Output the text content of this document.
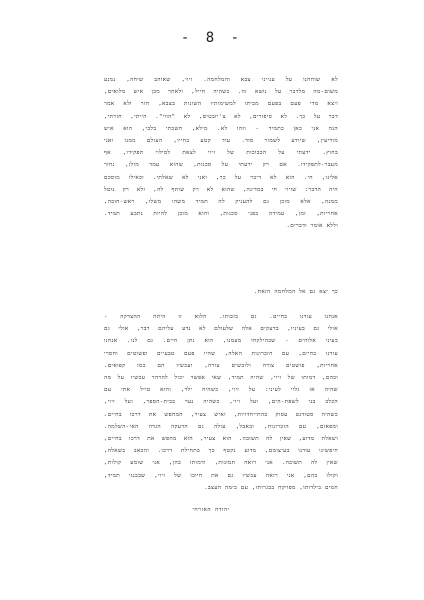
- 8 -
לא שוחחנו על ענייני צבא והמלחמה. זיוי, שאוהב שיחה, נמנע
משום-מה מלדבר על נושא זה. כשהיה חייל, ולאחר מכן איש מלואים,
ויצא מדי פעם בפעם מביתו למשימותיו השונות בצבא, חזר ולא אמר
דבר על כך. לא סיפורים, לא צ'יזבטים, לא "הווי". הייתי, חזרתי,
הנה אני כאן כתמיד - וזהו לא. מילא, חשבתי בלבי, הוא איש
מודיעין, שיודע לשמור סוד. עוד קטע בחייו, העולם ממנו ואני
בחוץ. ידעתי על הכבוכות של זיוי לצאת למילוי תפקידו, אף
מעבר-לתפקידו. אם רק ידעתי על סכנות, שהוא עמד מולן, נחזר
אלינו, חי. הוא לא דיבר על כך, ואני לא שאלתי. וכאילו מוסכם
היה הדבר: שזיוי חי במדינה, שהוא לא רק שותף לה, ולא רק נוטל
ממנה, אלא מוכן גם להעניק לה תמיד משהו משלו, ראש-חובה,
אחריות, זמן, עמידה בפני סכנות, והוא מוכן להיות נתבע תמיד.
וללא אומר ודברים.
כך יצא גם אל המלחמה הזאת.
אנחנו עודנו בחיים. גם בזכותו. הלוא זו היתה ההצדקה -
אולי גם בעיניו, בדעקים אלה שלעולם לא נדע עליהם דבר, אולי גם
בעיני אלוהים - שבהילקחו מעמנו, הוא נתן חיים. גם לנו. אנחנו
עודנו בחיים, עם הזכרונות האלה, שהיו פעם טבעיים ופשוטים וחסרי
אחריות, פושטים צורה ולובשים צורה, ועכשיו הם כמו קפואים.
ובהם, דמותו של זיוי, שהיה תמיד, שאי אפשר יכול להרהר עכשיו על מה
שהיה אז גלוי לעיני: על זיוי, כשהיה ילד, והוא טייל אתי עם
הכלב בני לשפת-הים, ועל זיוי, כשהיה נער בבית-הספר, ועל זיוי,
כשהיה סטודנט עסוק בהתייחדויות, ואיש צעיר, המחפש את דרכו בחיים.
ומפאום, עם הזכרונות, ובאבל, עולה גם הדעקה הגדה האי-השלמה.
ושאלת מדוע, שאין לה תשובה. הוא צעיר, הוא מחפש את דרכו בחיים,
חיפשינו עודנו בעיצומם, מדוע נקטף כך בתחילת דרכו. והכאב בשאלה,
שאין לה תשובה. אני רואה תמונות, ודמותו בהן, אני שומע קולות,
וקולו בהם, אני רואה עכשיו גם את חיוכו של זיוי, שבבנגי תמיד,
חמים בילדותו, מפויקח בבגרותו, עם כימה העצב.
יהודה האזרחי
